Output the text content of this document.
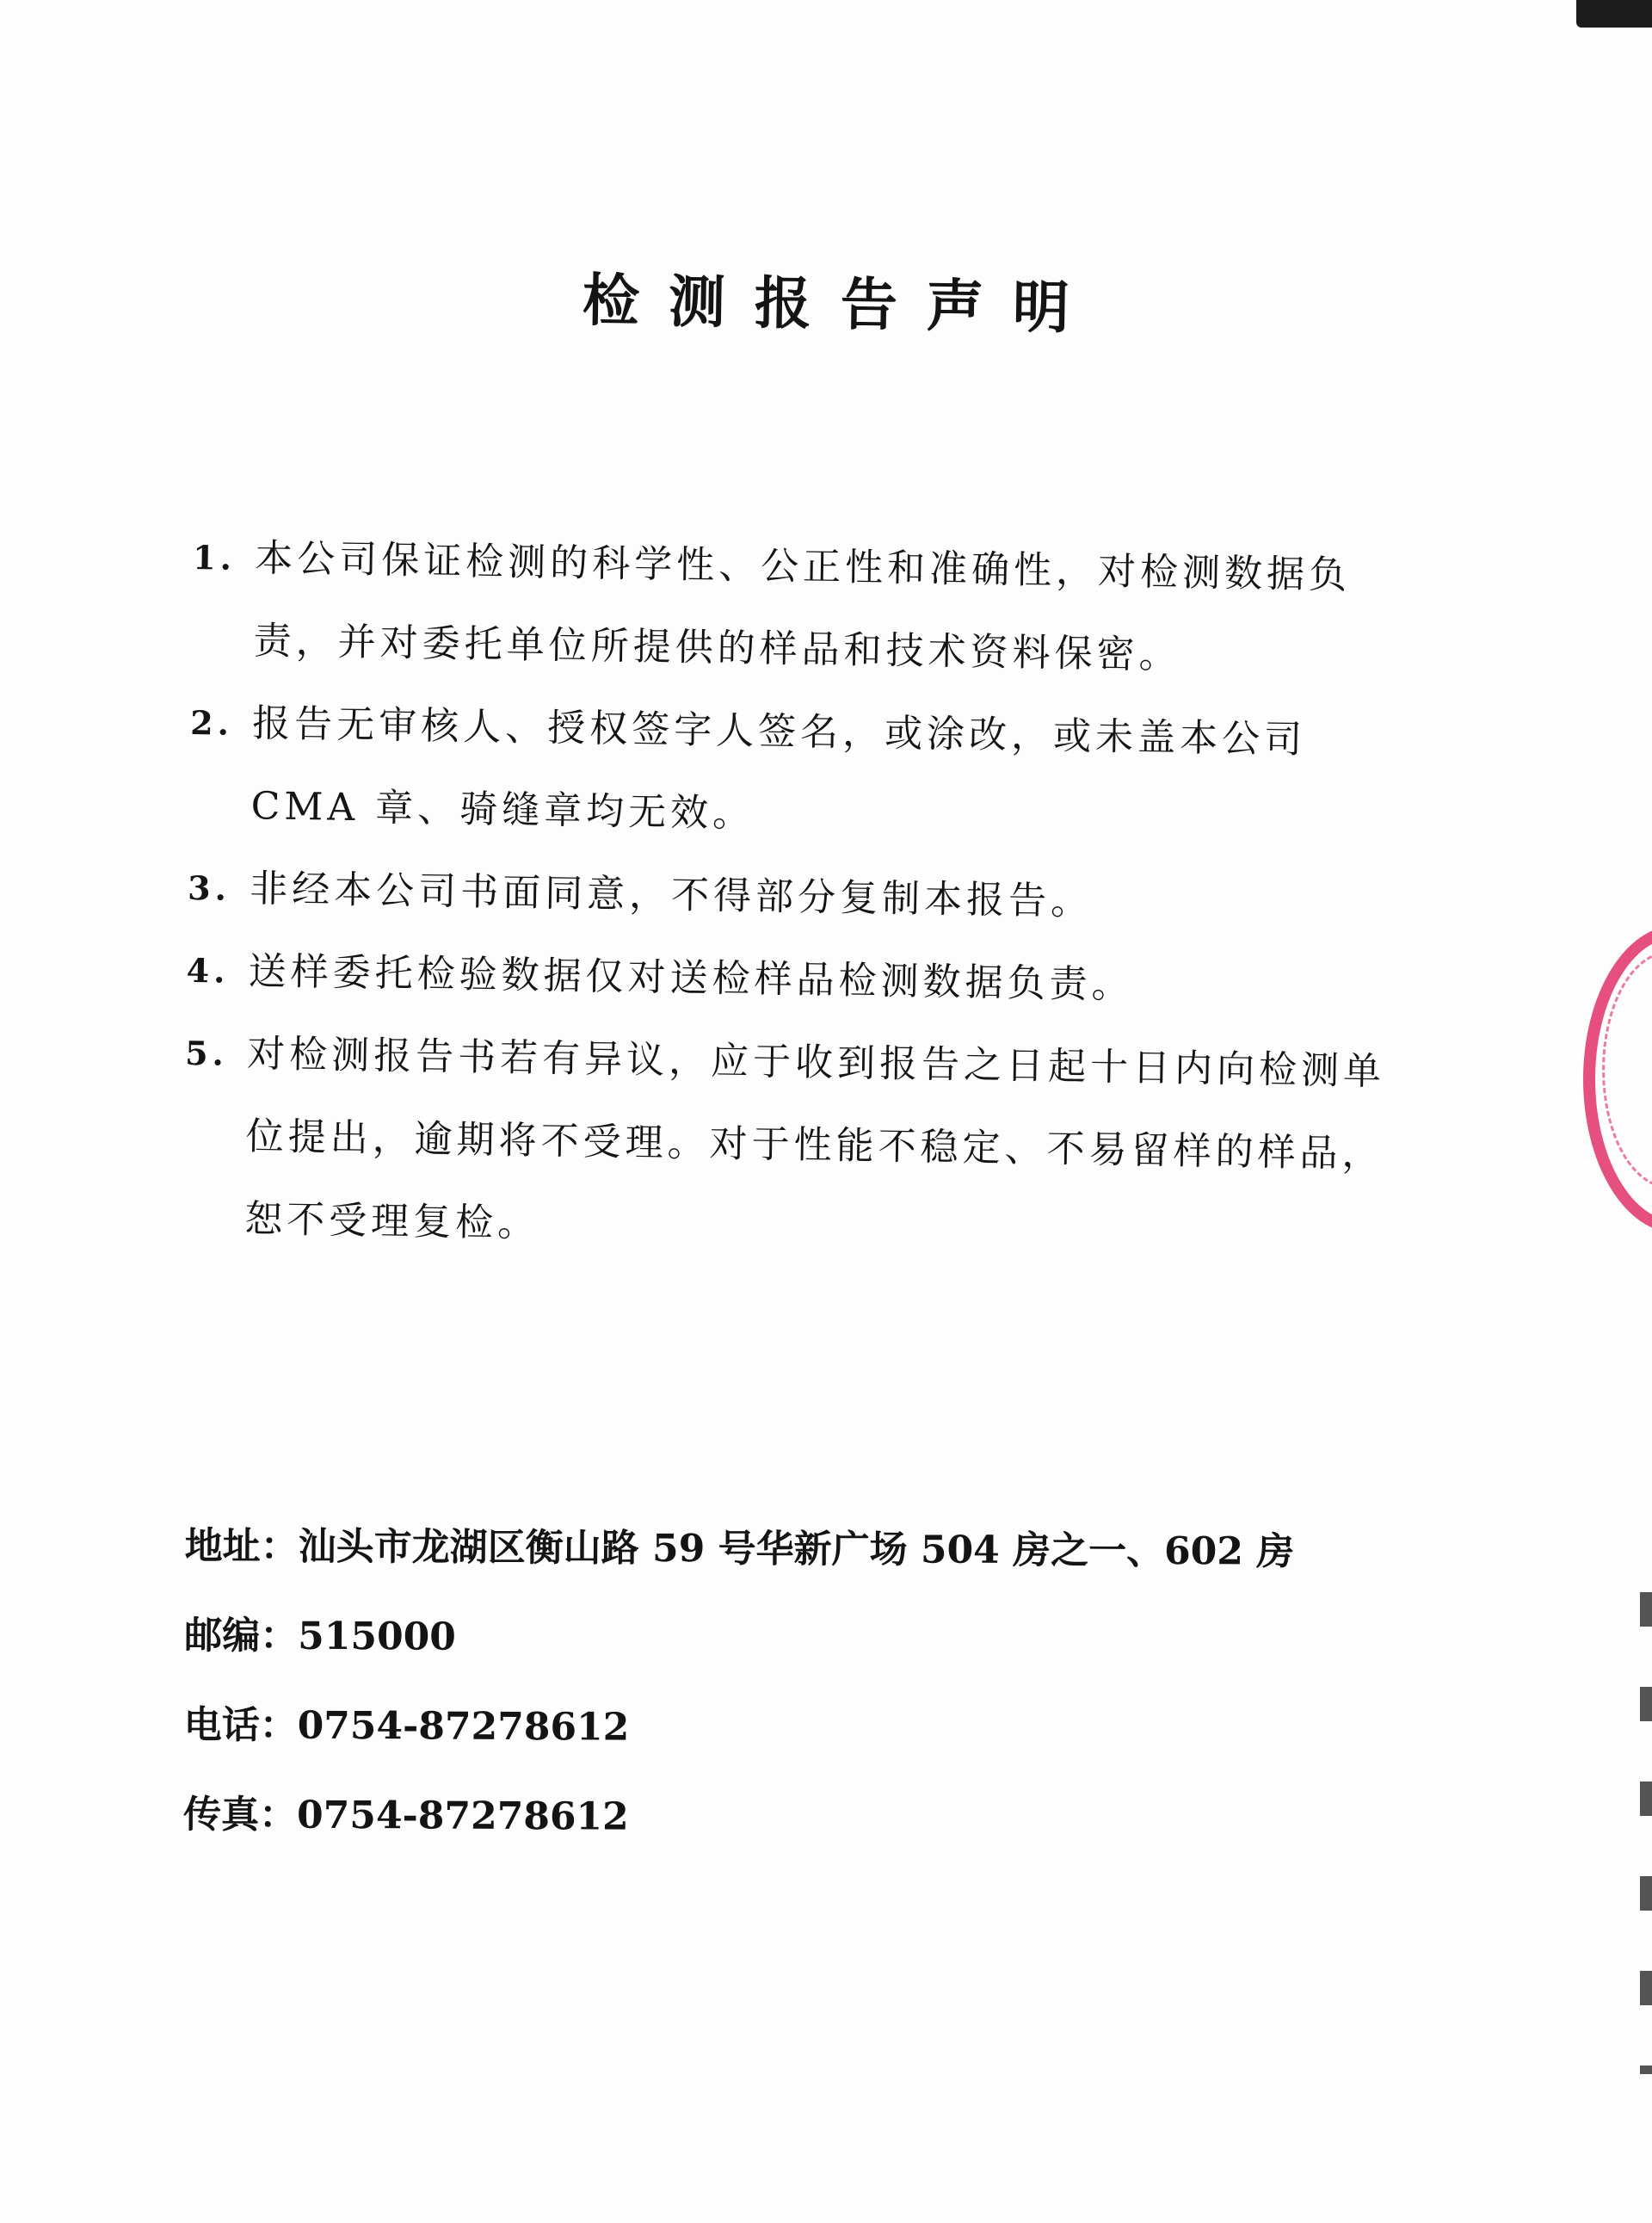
检测报告声明
1. 本公司保证检测的科学性、公正性和准确性，对检测数据负责，并对委托单位所提供的样品和技术资料保密。
2. 报告无审核人、授权签字人签名，或涂改，或未盖本公司 CMA 章、骑缝章均无效。
3. 非经本公司书面同意，不得部分复制本报告。
4. 送样委托检验数据仅对送检样品检测数据负责。
5. 对检测报告书若有异议，应于收到报告之日起十日内向检测单位提出，逾期将不受理。对于性能不稳定、不易留样的样品，恕不受理复检。
地址：汕头市龙湖区衡山路 59 号华新广场 504 房之一、602 房
邮编：515000
电话：0754-87278612
传真：0754-87278612
